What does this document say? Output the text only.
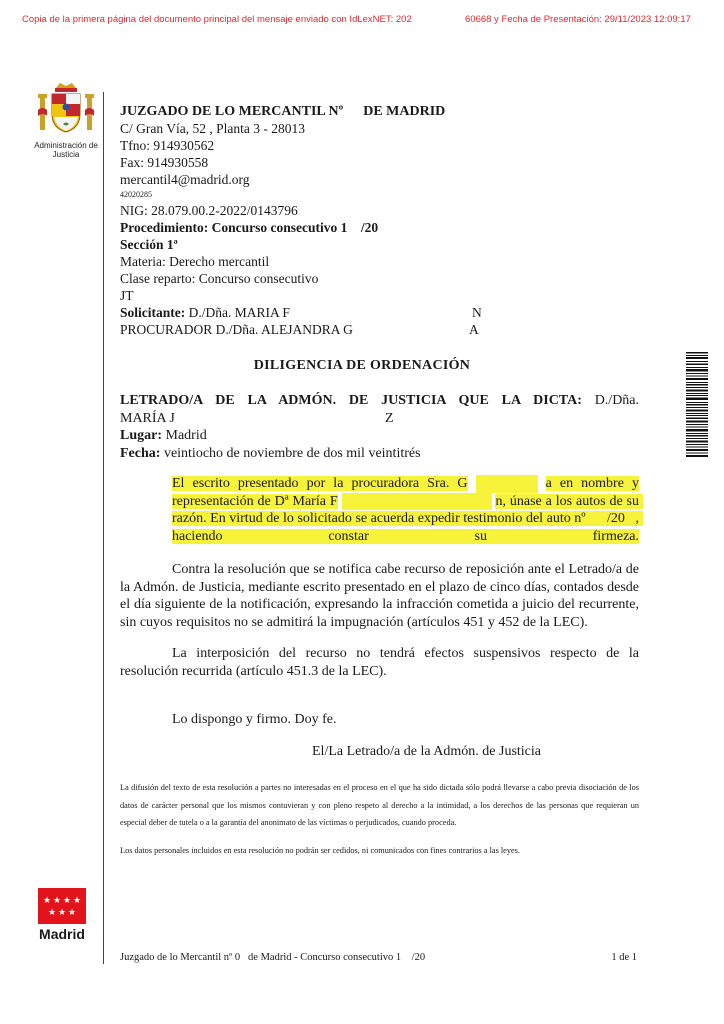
Copia de la primera página del documento principal del mensaje enviado con IdLexNET: 202	60668 y Fecha de Presentación: 29/11/2023 12:09:17
Administración de Justicia
JUZGADO DE LO MERCANTIL Nº DE MADRID
C/ Gran Vía, 52 , Planta 3 - 28013
Tfno: 914930562
Fax: 914930558
mercantil4@madrid.org
42020285
NIG: 28.079.00.2-2022/0143796
Procedimiento: Concurso consecutivo 1    /20
Sección 1ª
Materia: Derecho mercantil
Clase reparto: Concurso consecutivo
JT
Solicitante: D./Dña. MARIA F	N
PROCURADOR D./Dña. ALEJANDRA G	A
DILIGENCIA DE ORDENACIÓN
LETRADO/A DE LA ADMÓN. DE JUSTICIA QUE LA DICTA: D./Dña.
MARÍA J	Z
Lugar: Madrid
Fecha: veintiocho de noviembre de dos mil veintitrés
El escrito presentado por la procuradora Sra. G	a en nombre y representación de Dª María F	n, únase a los autos de su razón. En virtud de lo solicitado se acuerda expedir testimonio del auto nº      /20   , haciendo constar su firmeza.
Contra la resolución que se notifica cabe recurso de reposición ante el Letrado/a de la Admón. de Justicia, mediante escrito presentado en el plazo de cinco días, contados desde el día siguiente de la notificación, expresando la infracción cometida a juicio del recurrente, sin cuyos requisitos no se admitirá la impugnación (artículos 451 y 452 de la LEC).
La interposición del recurso no tendrá efectos suspensivos respecto de la resolución recurrida (artículo 451.3 de la LEC).
Lo dispongo y firmo. Doy fe.
El/La Letrado/a de la Admón. de Justicia
La difusión del texto de esta resolución a partes no interesadas en el proceso en el que ha sido dictada sólo podrá llevarse a cabo previa disociación de los datos de carácter personal que los mismos contuvieran y con pleno respeto al derecho a la intimidad, a los derechos de las personas que requieran un especial deber de tutela o a la garantía del anonimato de las víctimas o perjudicados, cuando proceda.
Los datos personales incluidos en esta resolución no podrán ser cedidos, ni comunicados con fines contrarios a las leyes.
★ ★ ★ ★
★ ★ ★
Madrid
Juzgado de lo Mercantil nº 0   de Madrid - Concurso consecutivo 1    /20	1 de 1
